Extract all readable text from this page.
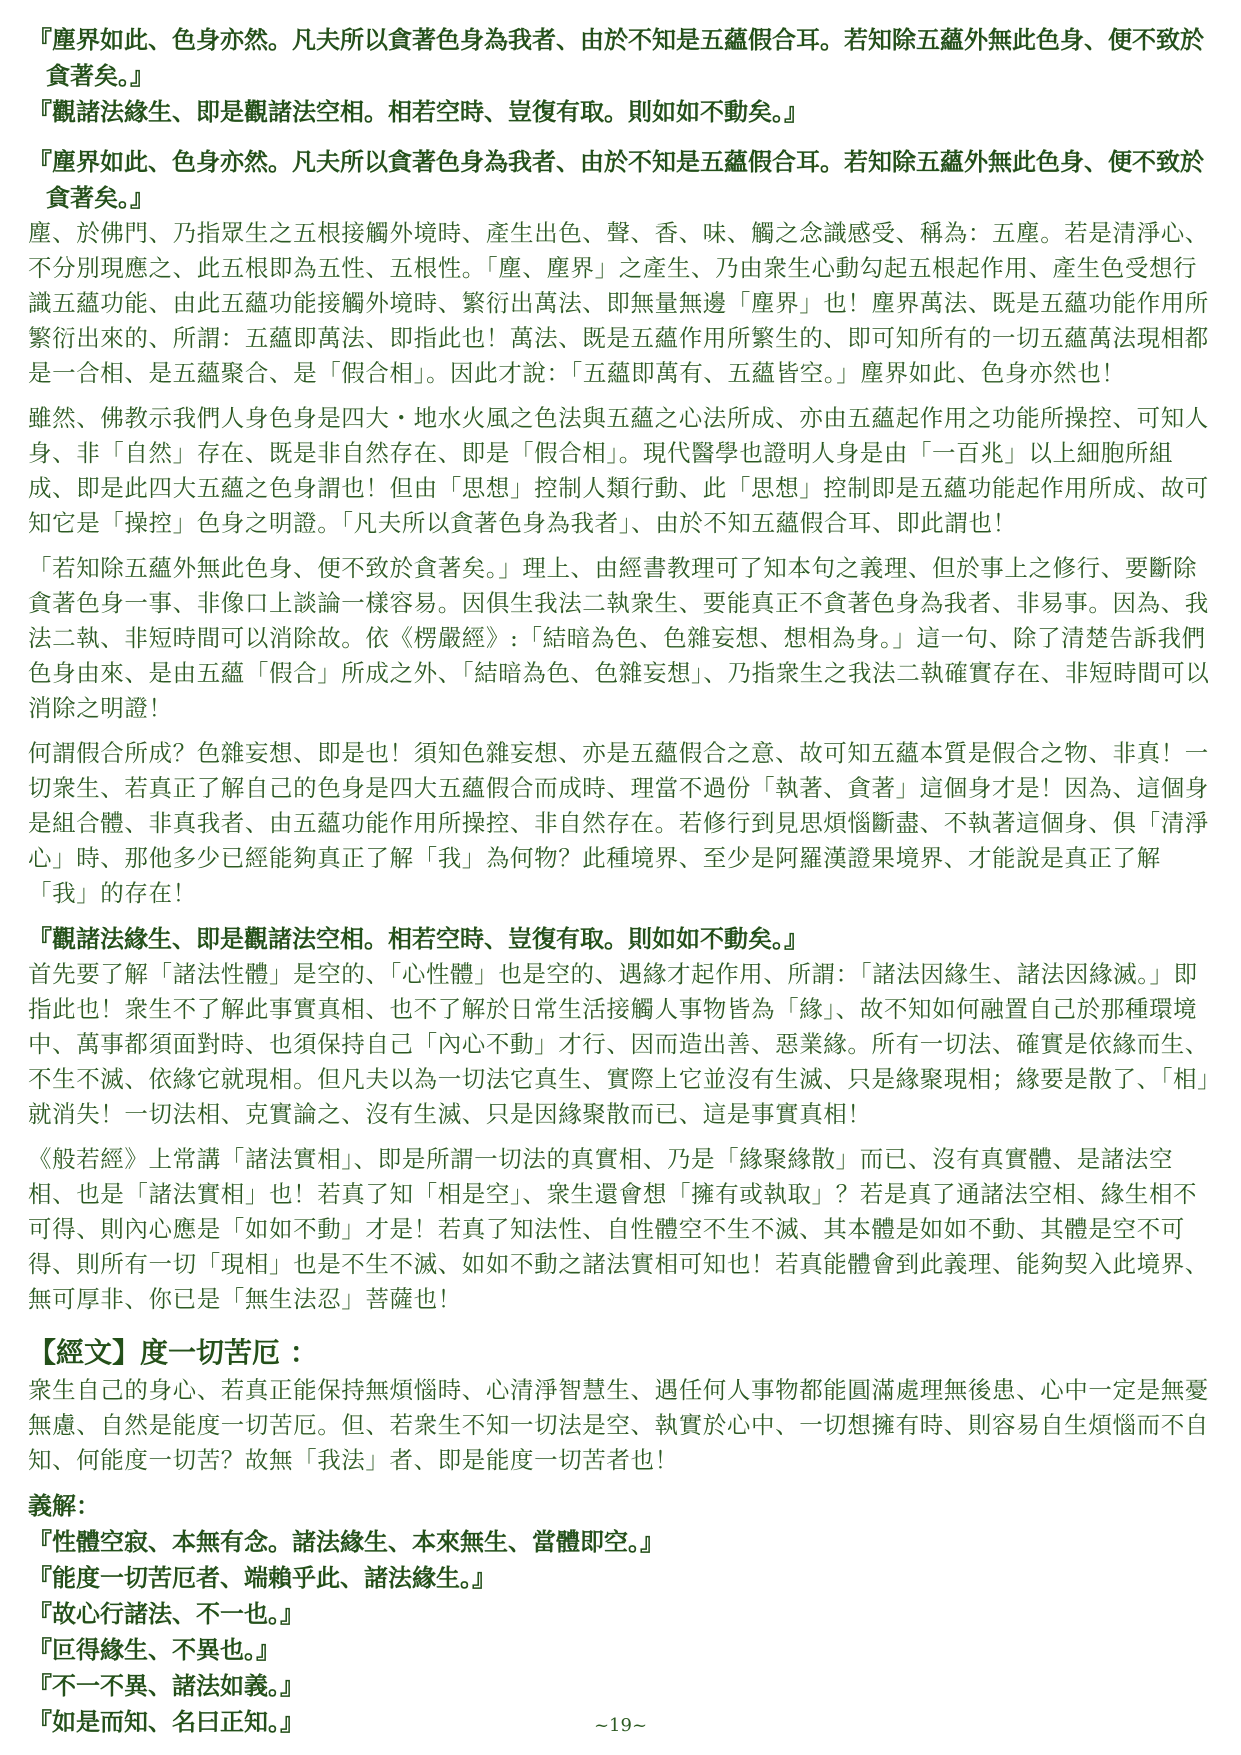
『塵界如此、色身亦然。凡夫所以貪著色身為我者、由於不知是五蘊假合耳。若知除五蘊外無此色身、便不致於貪著矣。』

『觀諸法緣生、即是觀諸法空相。相若空時、豈復有取。則如如不動矣。』

『塵界如此、色身亦然。凡夫所以貪著色身為我者、由於不知是五蘊假合耳。若知除五蘊外無此色身、便不致於貪著矣。』

塵、於佛門、乃指眾生之五根接觸外境時、產生出色、聲、香、味、觸之念識感受、稱為：五塵。若是清淨心、不分別現應之、此五根即為五性、五根性。「塵、塵界」之產生、乃由衆生心動勾起五根起作用、產生色受想行識五蘊功能、由此五蘊功能接觸外境時、繁衍出萬法、即無量無邊「塵界」也！塵界萬法、既是五蘊功能作用所繁衍出來的、所謂：五蘊即萬法、即指此也！萬法、既是五蘊作用所繁生的、即可知所有的一切五蘊萬法現相都是一合相、是五蘊聚合、是「假合相」。因此才說：「五蘊即萬有、五蘊皆空。」塵界如此、色身亦然也！

雖然、佛教示我們人身色身是四大・地水火風之色法與五蘊之心法所成、亦由五蘊起作用之功能所操控、可知人身、非「自然」存在、既是非自然存在、即是「假合相」。現代醫學也證明人身是由「一百兆」以上細胞所組成、即是此四大五蘊之色身謂也！但由「思想」控制人類行動、此「思想」控制即是五蘊功能起作用所成、故可知它是「操控」色身之明證。「凡夫所以貪著色身為我者」、由於不知五蘊假合耳、即此謂也！

「若知除五蘊外無此色身、便不致於貪著矣。」理上、由經書教理可了知本句之義理、但於事上之修行、要斷除貪著色身一事、非像口上談論一樣容易。因俱生我法二執衆生、要能真正不貪著色身為我者、非易事。因為、我法二執、非短時間可以消除故。依《楞嚴經》:「結暗為色、色雜妄想、想相為身。」這一句、除了清楚告訴我們色身由來、是由五蘊「假合」所成之外、「結暗為色、色雜妄想」、乃指衆生之我法二執確實存在、非短時間可以消除之明證！

何謂假合所成？色雜妄想、即是也！須知色雜妄想、亦是五蘊假合之意、故可知五蘊本質是假合之物、非真！一切衆生、若真正了解自己的色身是四大五蘊假合而成時、理當不過份「執著、貪著」這個身才是！因為、這個身是組合體、非真我者、由五蘊功能作用所操控、非自然存在。若修行到見思煩惱斷盡、不執著這個身、俱「清淨心」時、那他多少已經能夠真正了解「我」為何物？此種境界、至少是阿羅漢證果境界、才能說是真正了解「我」的存在！

『觀諸法緣生、即是觀諸法空相。相若空時、豈復有取。則如如不動矣。』

首先要了解「諸法性體」是空的、「心性體」也是空的、遇緣才起作用、所謂：「諸法因緣生、諸法因緣滅。」即指此也！衆生不了解此事實真相、也不了解於日常生活接觸人事物皆為「緣」、故不知如何融置自己於那種環境中、萬事都須面對時、也須保持自己「內心不動」才行、因而造出善、惡業緣。所有一切法、確實是依緣而生、不生不滅、依緣它就現相。但凡夫以為一切法它真生、實際上它並沒有生滅、只是緣聚現相；緣要是散了、「相」就消失！一切法相、克實論之、沒有生滅、只是因緣聚散而已、這是事實真相！

《般若經》上常講「諸法實相」、即是所謂一切法的真實相、乃是「緣聚緣散」而已、沒有真實體、是諸法空相、也是「諸法實相」也！若真了知「相是空」、衆生還會想「擁有或執取」？若是真了通諸法空相、緣生相不可得、則內心應是「如如不動」才是！若真了知法性、自性體空不生不滅、其本體是如如不動、其體是空不可得、則所有一切「現相」也是不生不滅、如如不動之諸法實相可知也！若真能體會到此義理、能夠契入此境界、無可厚非、你已是「無生法忍」菩薩也！

【經文】度一切苦厄 ：

衆生自己的身心、若真正能保持無煩惱時、心清淨智慧生、遇任何人事物都能圓滿處理無後患、心中一定是無憂無慮、自然是能度一切苦厄。但、若衆生不知一切法是空、執實於心中、一切想擁有時、則容易自生煩惱而不自知、何能度一切苦？故無「我法」者、即是能度一切苦者也！

義解：

『性體空寂、本無有念。諸法緣生、本來無生、當體即空。』

『能度一切苦厄者、端賴乎此、諸法緣生。』

『故心行諸法、不一也。』

『叵得緣生、不異也。』

『不一不異、諸法如義。』

『如是而知、名曰正知。』	~19~
